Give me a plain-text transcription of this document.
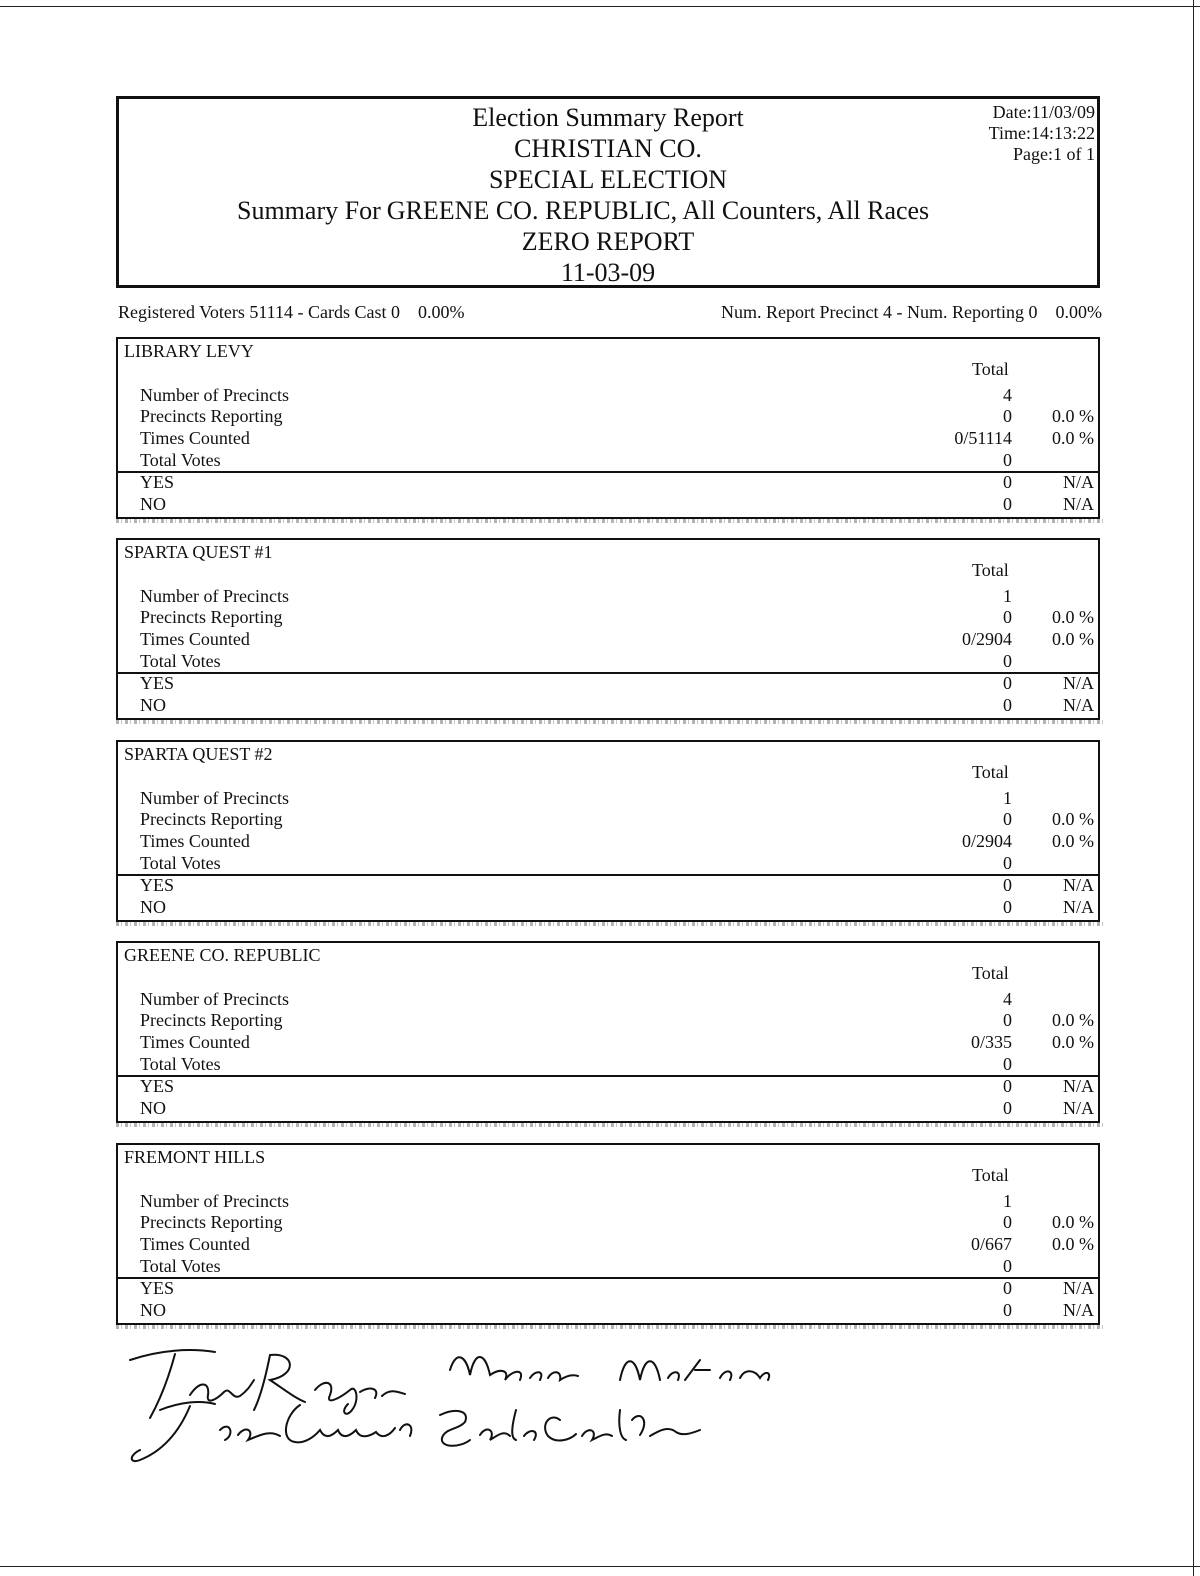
Election Summary Report
CHRISTIAN CO.
SPECIAL ELECTION
Summary For GREENE CO. REPUBLIC, All Counters, All Races
ZERO REPORT
11-03-09
Date:11/03/09
Time:14:13:22
Page:1 of 1
Registered Voters 51114 - Cards Cast 0    0.00%	Num. Report Precinct 4 - Num. Reporting 0    0.00%
LIBRARY LEVY
Total
Number of Precincts	4
Precincts Reporting	0 0.0 %
Times Counted	0/51114 0.0 %
Total Votes	0
YES	0	N/A
NO	0	N/A
SPARTA QUEST #1
Total
Number of Precincts	1
Precincts Reporting	0 0.0 %
Times Counted	0/2904 0.0 %
Total Votes	0
YES	0	N/A
NO	0	N/A
SPARTA QUEST #2
Total
Number of Precincts	1
Precincts Reporting	0 0.0 %
Times Counted	0/2904 0.0 %
Total Votes	0
YES	0	N/A
NO	0	N/A
GREENE CO. REPUBLIC
Total
Number of Precincts	4
Precincts Reporting	0 0.0 %
Times Counted	0/335 0.0 %
Total Votes	0
YES	0	N/A
NO	0	N/A
FREMONT HILLS
Total
Number of Precincts	1
Precincts Reporting	0 0.0 %
Times Counted	0/667 0.0 %
Total Votes	0
YES	0	N/A
NO	0	N/A
